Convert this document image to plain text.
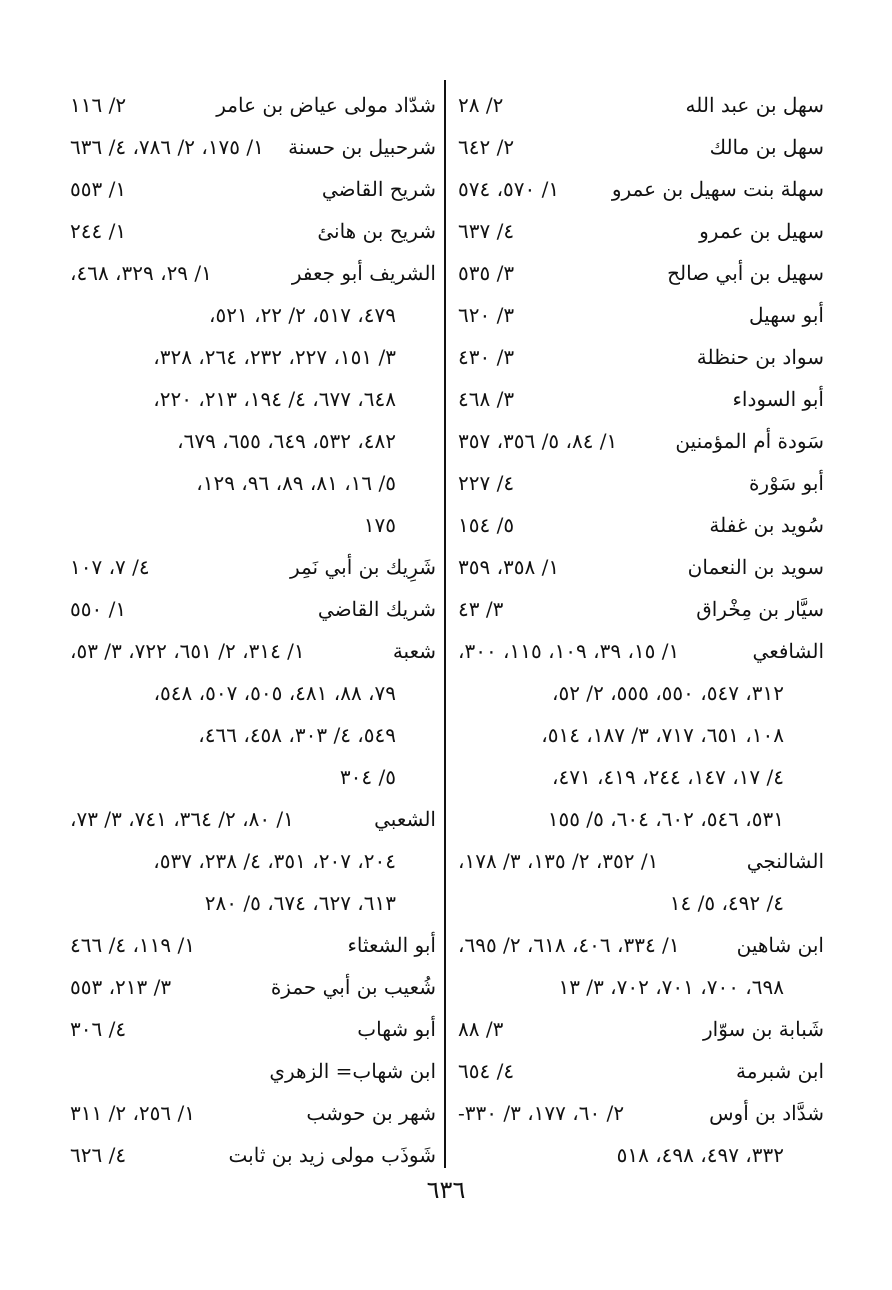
سهل بن عبد الله
٢/ ٢٨
سهل بن مالك
٢/ ٦٤٢
سهلة بنت سهيل بن عمرو
١/ ٥٧٠، ٥٧٤
سهيل بن عمرو
٤/ ٦٣٧
سهيل بن أبي صالح
٣/ ٥٣٥
أبو سهيل
٣/ ٦٢٠
سواد بن حنظلة
٣/ ٤٣٠
أبو السوداء
٣/ ٤٦٨
سَودة أم المؤمنين
١/ ٨٤، ٥/ ٣٥٦، ٣٥٧
أبو سَوْرة
٤/ ٢٢٧
سُويد بن غفلة
٥/ ١٥٤
سويد بن النعمان
١/ ٣٥٨، ٣٥٩
سيَّار بن مِخْراق
٣/ ٤٣
الشافعي
١/ ١٥، ٣٩، ١٠٩، ١١٥، ٣٠٠،
٣١٢، ٥٤٧، ٥٥٠، ٥٥٥، ٢/ ٥٢،
١٠٨، ٦٥١، ٧١٧، ٣/ ١٨٧، ٥١٤،
٤/ ١٧، ١٤٧، ٢٤٤، ٤١٩، ٤٧١،
٥٣١، ٥٤٦، ٦٠٢، ٦٠٤، ٥/ ١٥٥
الشالنجي
١/ ٣٥٢، ٢/ ١٣٥، ٣/ ١٧٨،
٤/ ٤٩٢، ٥/ ١٤
ابن شاهين
١/ ٣٣٤، ٤٠٦، ٦١٨، ٢/ ٦٩٥،
٦٩٨، ٧٠٠، ٧٠١، ٧٠٢، ٣/ ١٣
شَبابة بن سوّار
٣/ ٨٨
ابن شبرمة
٤/ ٦٥٤
شدَّاد بن أوس
٢/ ٦٠، ١٧٧، ٣/ ٣٣٠-
٣٣٢، ٤٩٧، ٤٩٨، ٥١٨
شدّاد مولى عياض بن عامر
٢/ ١١٦
شرحبيل بن حسنة
١/ ١٧٥، ٢/ ٧٨٦، ٤/ ٦٣٦
شريح القاضي
١/ ٥٥٣
شريح بن هانئ
١/ ٢٤٤
الشريف أبو جعفر
١/ ٢٩، ٣٢٩، ٤٦٨،
٤٧٩، ٥١٧، ٢/ ٢٢، ٥٢١،
٣/ ١٥١، ٢٢٧، ٢٣٢، ٢٦٤، ٣٢٨،
٦٤٨، ٦٧٧، ٤/ ١٩٤، ٢١٣، ٢٢٠،
٤٨٢، ٥٣٢، ٦٤٩، ٦٥٥، ٦٧٩،
٥/ ١٦، ٨١، ٨٩، ٩٦، ١٢٩،
١٧٥
شَرِيك بن أبي نَمِر
٤/ ٧، ١٠٧
شريك القاضي
١/ ٥٥٠
شعبة
١/ ٣١٤، ٢/ ٦٥١، ٧٢٢، ٣/ ٥٣،
٧٩، ٨٨، ٤٨١، ٥٠٥، ٥٠٧، ٥٤٨،
٥٤٩، ٤/ ٣٠٣، ٤٥٨، ٤٦٦،
٥/ ٣٠٤
الشعبي
١/ ٨٠، ٢/ ٣٦٤، ٧٤١، ٣/ ٧٣،
٢٠٤، ٢٠٧، ٣٥١، ٤/ ٢٣٨، ٥٣٧،
٦١٣، ٦٢٧، ٦٧٤، ٥/ ٢٨٠
أبو الشعثاء
١/ ١١٩، ٤/ ٤٦٦
شُعيب بن أبي حمزة
٣/ ٢١٣، ٥٥٣
أبو شهاب
٤/ ٣٠٦
ابن شهاب= الزهري
شهر بن حوشب
١/ ٢٥٦، ٢/ ٣١١
شَوذَب مولى زيد بن ثابت
٤/ ٦٢٦
٦٣٦
